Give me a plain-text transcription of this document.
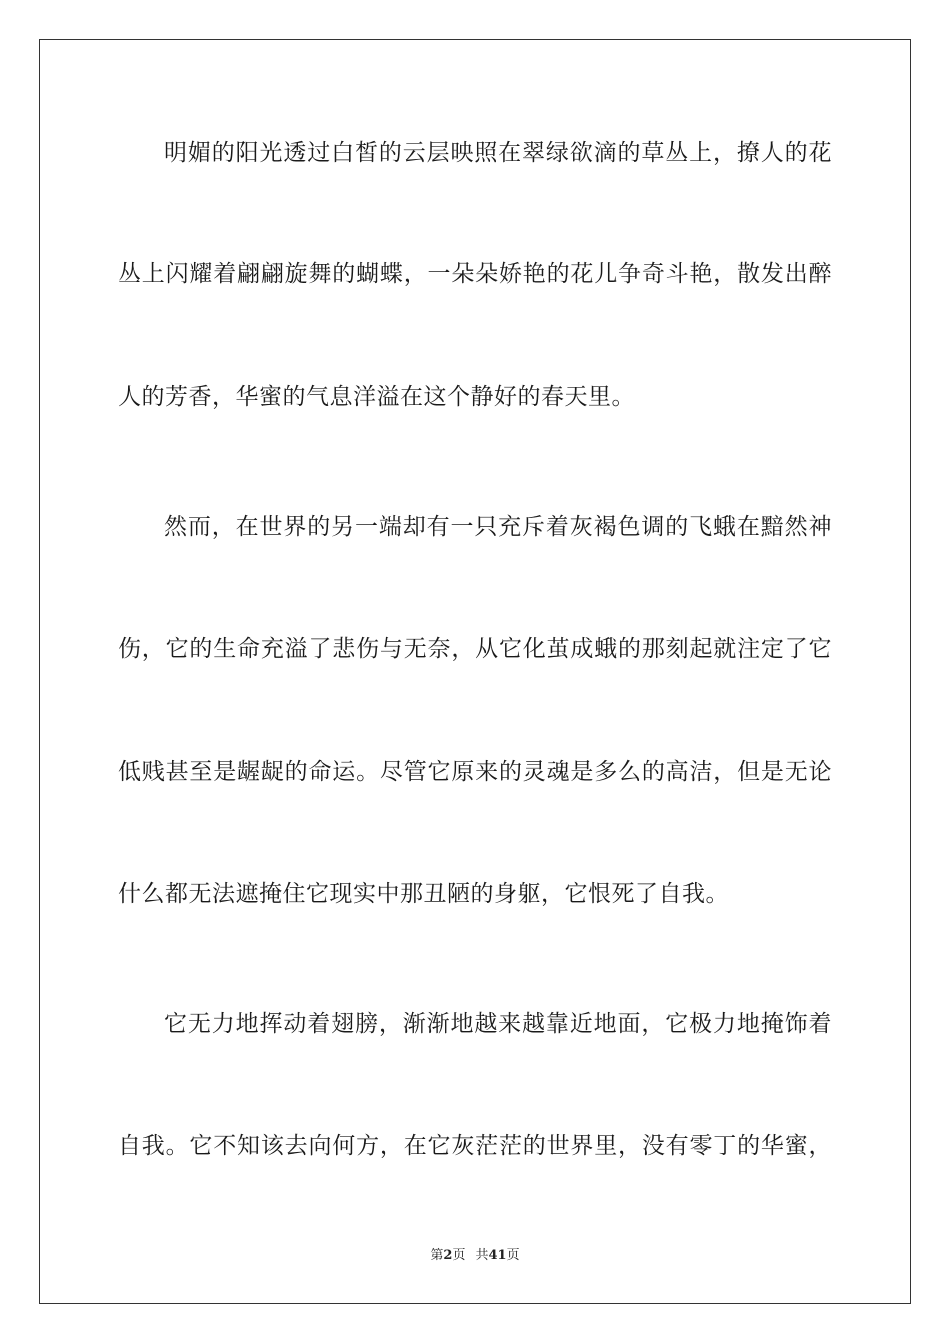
明媚的阳光透过白皙的云层映照在翠绿欲滴的草丛上，撩人的花
丛上闪耀着翩翩旋舞的蝴蝶，一朵朵娇艳的花儿争奇斗艳，散发出醉
人的芳香，华蜜的气息洋溢在这个静好的春天里。
然而，在世界的另一端却有一只充斥着灰褐色调的飞蛾在黯然神
伤，它的生命充溢了悲伤与无奈，从它化茧成蛾的那刻起就注定了它
低贱甚至是龌龊的命运。尽管它原来的灵魂是多么的高洁，但是无论
什么都无法遮掩住它现实中那丑陋的身躯，它恨死了自我。
它无力地挥动着翅膀，渐渐地越来越靠近地面，它极力地掩饰着
自我。它不知该去向何方，在它灰茫茫的世界里，没有零丁的华蜜，
第2页 共41页
